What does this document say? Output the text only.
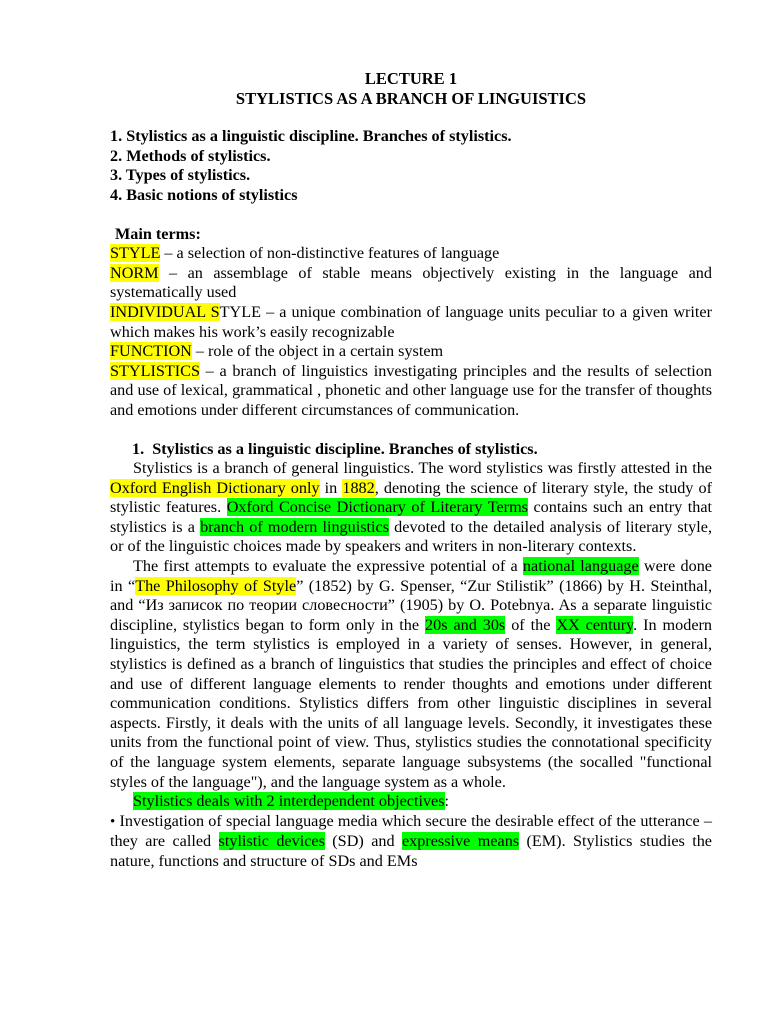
LECTURE 1
STYLISTICS AS A BRANCH OF LINGUISTICS
1. Stylistics as a linguistic discipline. Branches of stylistics.
2. Methods of stylistics.
3. Types of stylistics.
4. Basic notions of stylistics
Main terms:
STYLE – a selection of non-distinctive features of language
NORM – an assemblage of stable means objectively existing in the language and systematically used
INDIVIDUAL STYLE – a unique combination of language units peculiar to a given writer which makes his work’s easily recognizable
FUNCTION – role of the object in a certain system
STYLISTICS – a branch of linguistics investigating principles and the results of selection and use of lexical, grammatical , phonetic and other language use for the transfer of thoughts and emotions under different circumstances of communication.
1.  Stylistics as a linguistic discipline. Branches of stylistics.
Stylistics is a branch of general linguistics. The word stylistics was firstly attested in the Oxford English Dictionary only in 1882, denoting the science of literary style, the study of stylistic features. Oxford Concise Dictionary of Literary Terms contains such an entry that stylistics is a branch of modern linguistics devoted to the detailed analysis of literary style, or of the linguistic choices made by speakers and writers in non-literary contexts.
The first attempts to evaluate the expressive potential of a national language were done in “The Philosophy of Style” (1852) by G. Spenser, “Zur Stilistik” (1866) by H. Steinthal, and “Из записок по теории словесности” (1905) by O. Potebnya. As a separate linguistic discipline, stylistics began to form only in the 20s and 30s of the XX century. In modern linguistics, the term stylistics is employed in a variety of senses. However, in general, stylistics is defined as a branch of linguistics that studies the principles and effect of choice and use of different language elements to render thoughts and emotions under different communication conditions. Stylistics differs from other linguistic disciplines in several aspects. Firstly, it deals with the units of all language levels. Secondly, it investigates these units from the functional point of view. Thus, stylistics studies the connotational specificity of the language system elements, separate language subsystems (the socalled "functional styles of the language"), and the language system as a whole.
Stylistics deals with 2 interdependent objectives:
• Investigation of special language media which secure the desirable effect of the utterance – they are called stylistic devices (SD) and expressive means (EM). Stylistics studies the nature, functions and structure of SDs and EMs
